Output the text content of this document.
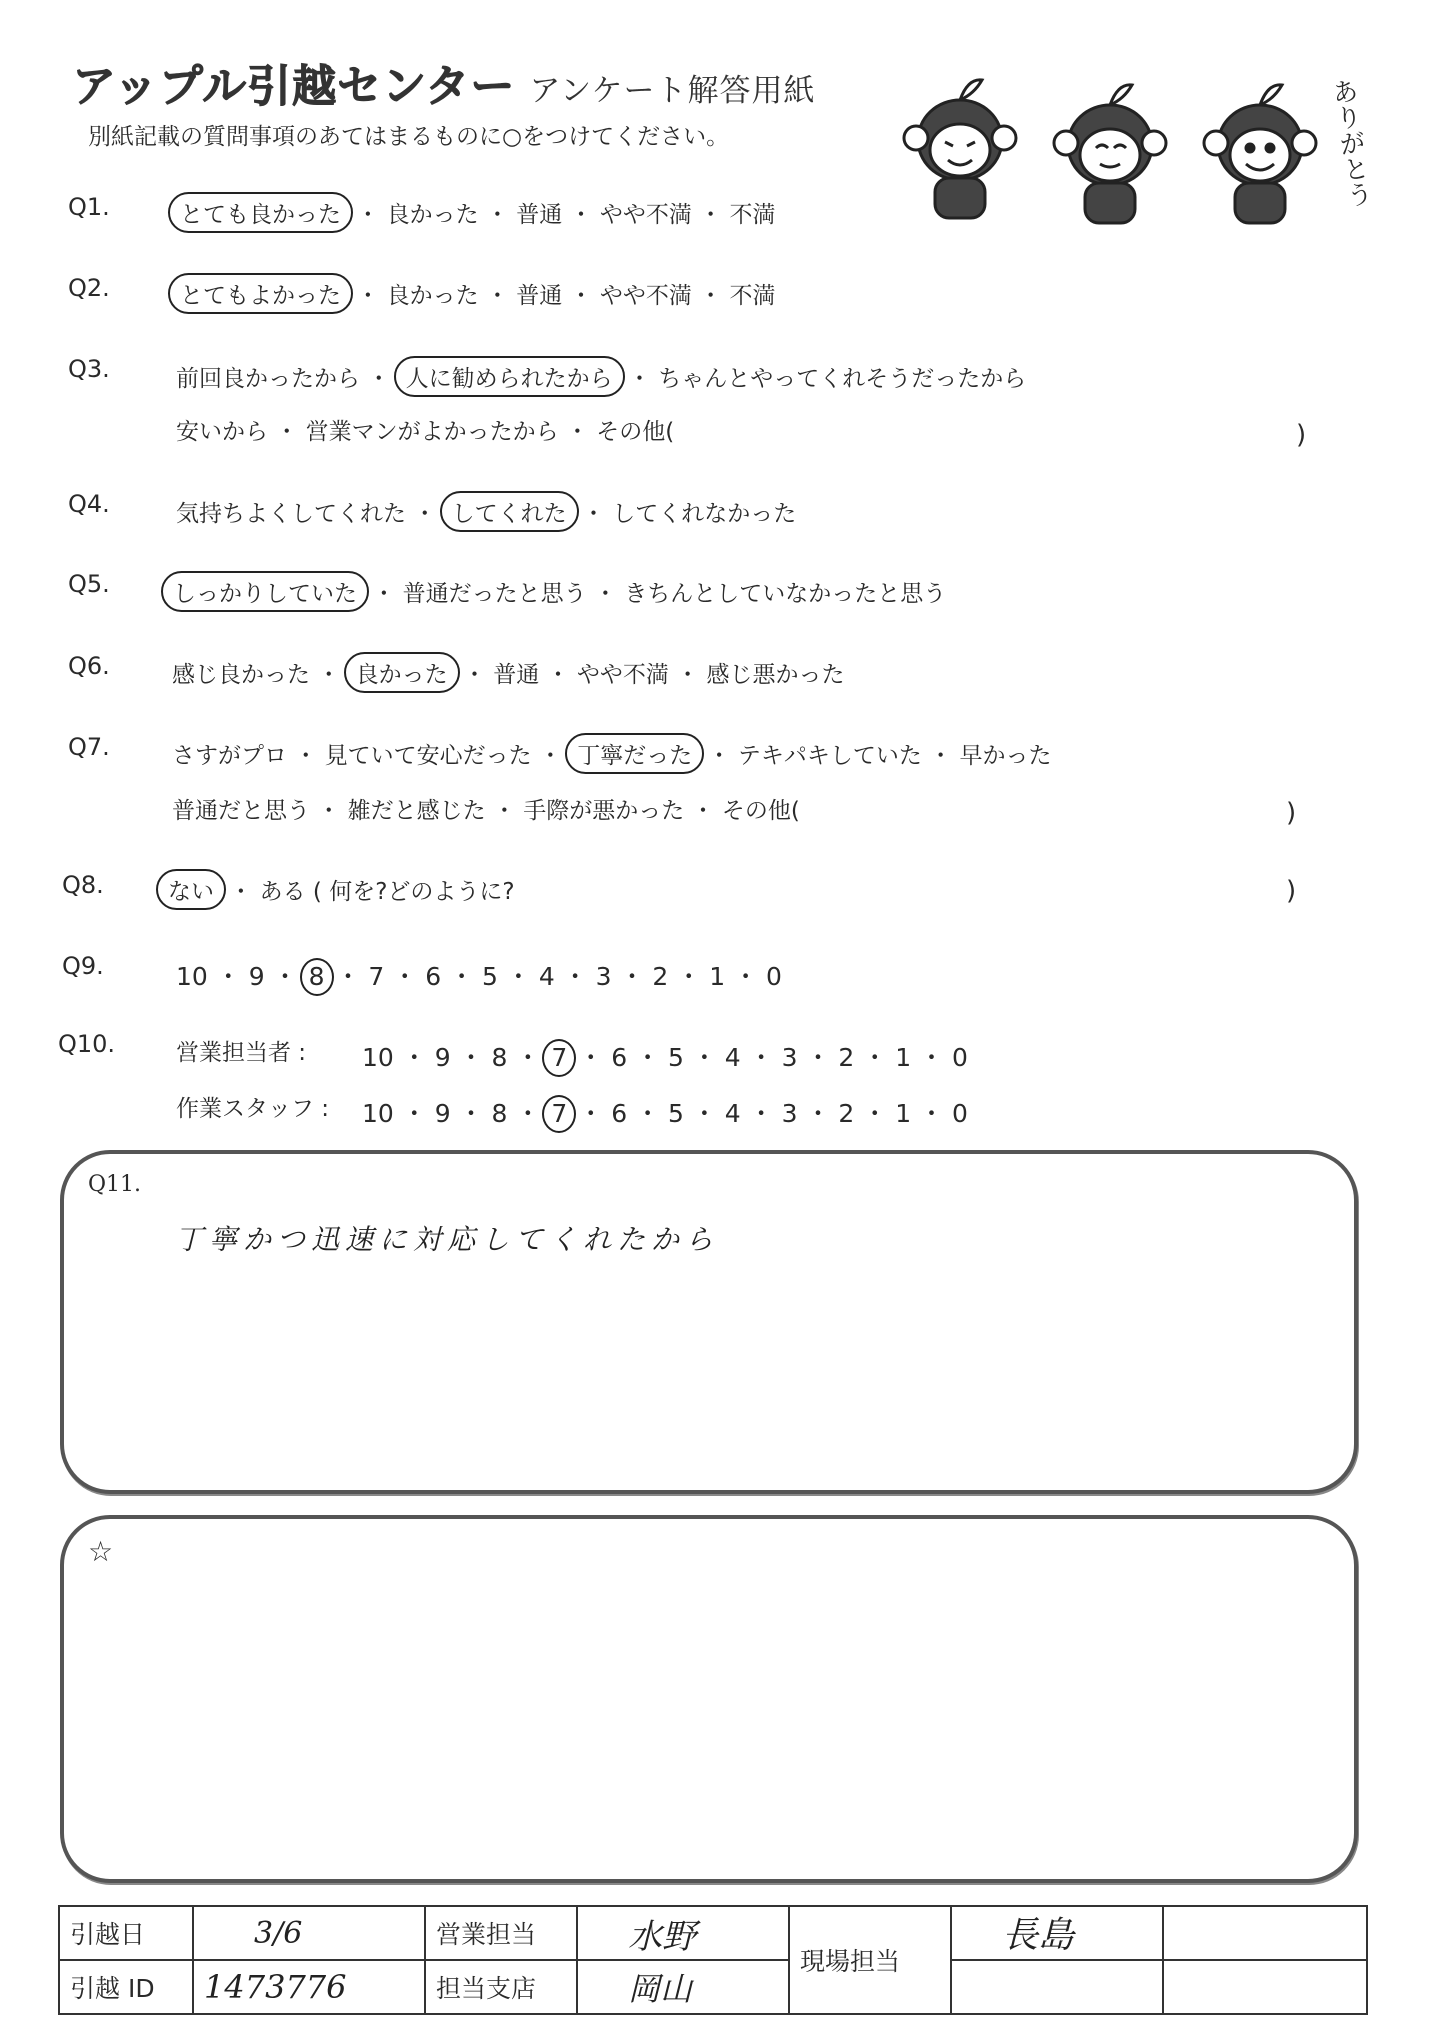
アップル引越センター アンケート解答用紙
別紙記載の質問事項のあてはまるものに○をつけてください。	ありがとう
Q1.	とても良かった ・ 良かった ・ 普通 ・ やや不満 ・ 不満
Q2.	とてもよかった ・ 良かった ・ 普通 ・ やや不満 ・ 不満
Q3.	前回良かったから ・ 人に勧められたから ・ ちゃんとやってくれそうだったから
安いから ・ 営業マンがよかったから ・ その他(	)
Q4.	気持ちよくしてくれた ・ してくれた ・ してくれなかった
Q5.	しっかりしていた ・ 普通だったと思う ・ きちんとしていなかったと思う
Q6.	感じ良かった ・ 良かった ・ 普通 ・ やや不満 ・ 感じ悪かった
Q7.	さすがプロ ・ 見ていて安心だった ・ 丁寧だった ・ テキパキしていた ・ 早かった
普通だと思う ・ 雑だと感じた ・ 手際が悪かった ・ その他(	)
Q8.	ない ・ ある ( 何を?どのように?	)
Q9.	10 ・ 9 ・ 8 ・ 7 ・ 6 ・ 5 ・ 4 ・ 3 ・ 2 ・ 1 ・ 0
Q10.	営業担当者 : 10 ・ 9 ・ 8 ・ 7 ・ 6 ・ 5 ・ 4 ・ 3 ・ 2 ・ 1 ・ 0
作業スタッフ : 10 ・ 9 ・ 8 ・ 7 ・ 6 ・ 5 ・ 4 ・ 3 ・ 2 ・ 1 ・ 0
Q11.
丁寧かつ迅速に対応してくれたから
☆
引越日	3/6	営業担当	水野	現場担当	長島	
引越 ID	1473776	担当支店	岡山			
